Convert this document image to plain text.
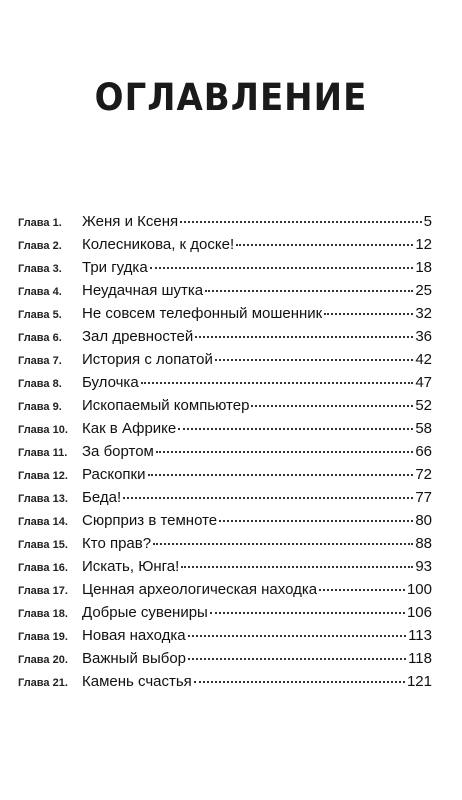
ОГЛАВЛЕНИЕ
Глава 1.	Женя и Ксеня	5
Глава 2.	Колесникова, к доске!	12
Глава 3.	Три гудка	18
Глава 4.	Неудачная шутка	25
Глава 5.	Не совсем телефонный мошенник	32
Глава 6.	Зал древностей	36
Глава 7.	История с лопатой	42
Глава 8.	Булочка	47
Глава 9.	Ископаемый компьютер	52
Глава 10. Как в Африке	58
Глава 11. За бортом	66
Глава 12. Раскопки	72
Глава 13. Беда!	77
Глава 14. Сюрприз в темноте	80
Глава 15. Кто прав?	88
Глава 16. Искать, Юнга!	93
Глава 17. Ценная археологическая находка	100
Глава 18. Добрые сувениры	106
Глава 19. Новая находка	113
Глава 20. Важный выбор	118
Глава 21. Камень счастья	121
